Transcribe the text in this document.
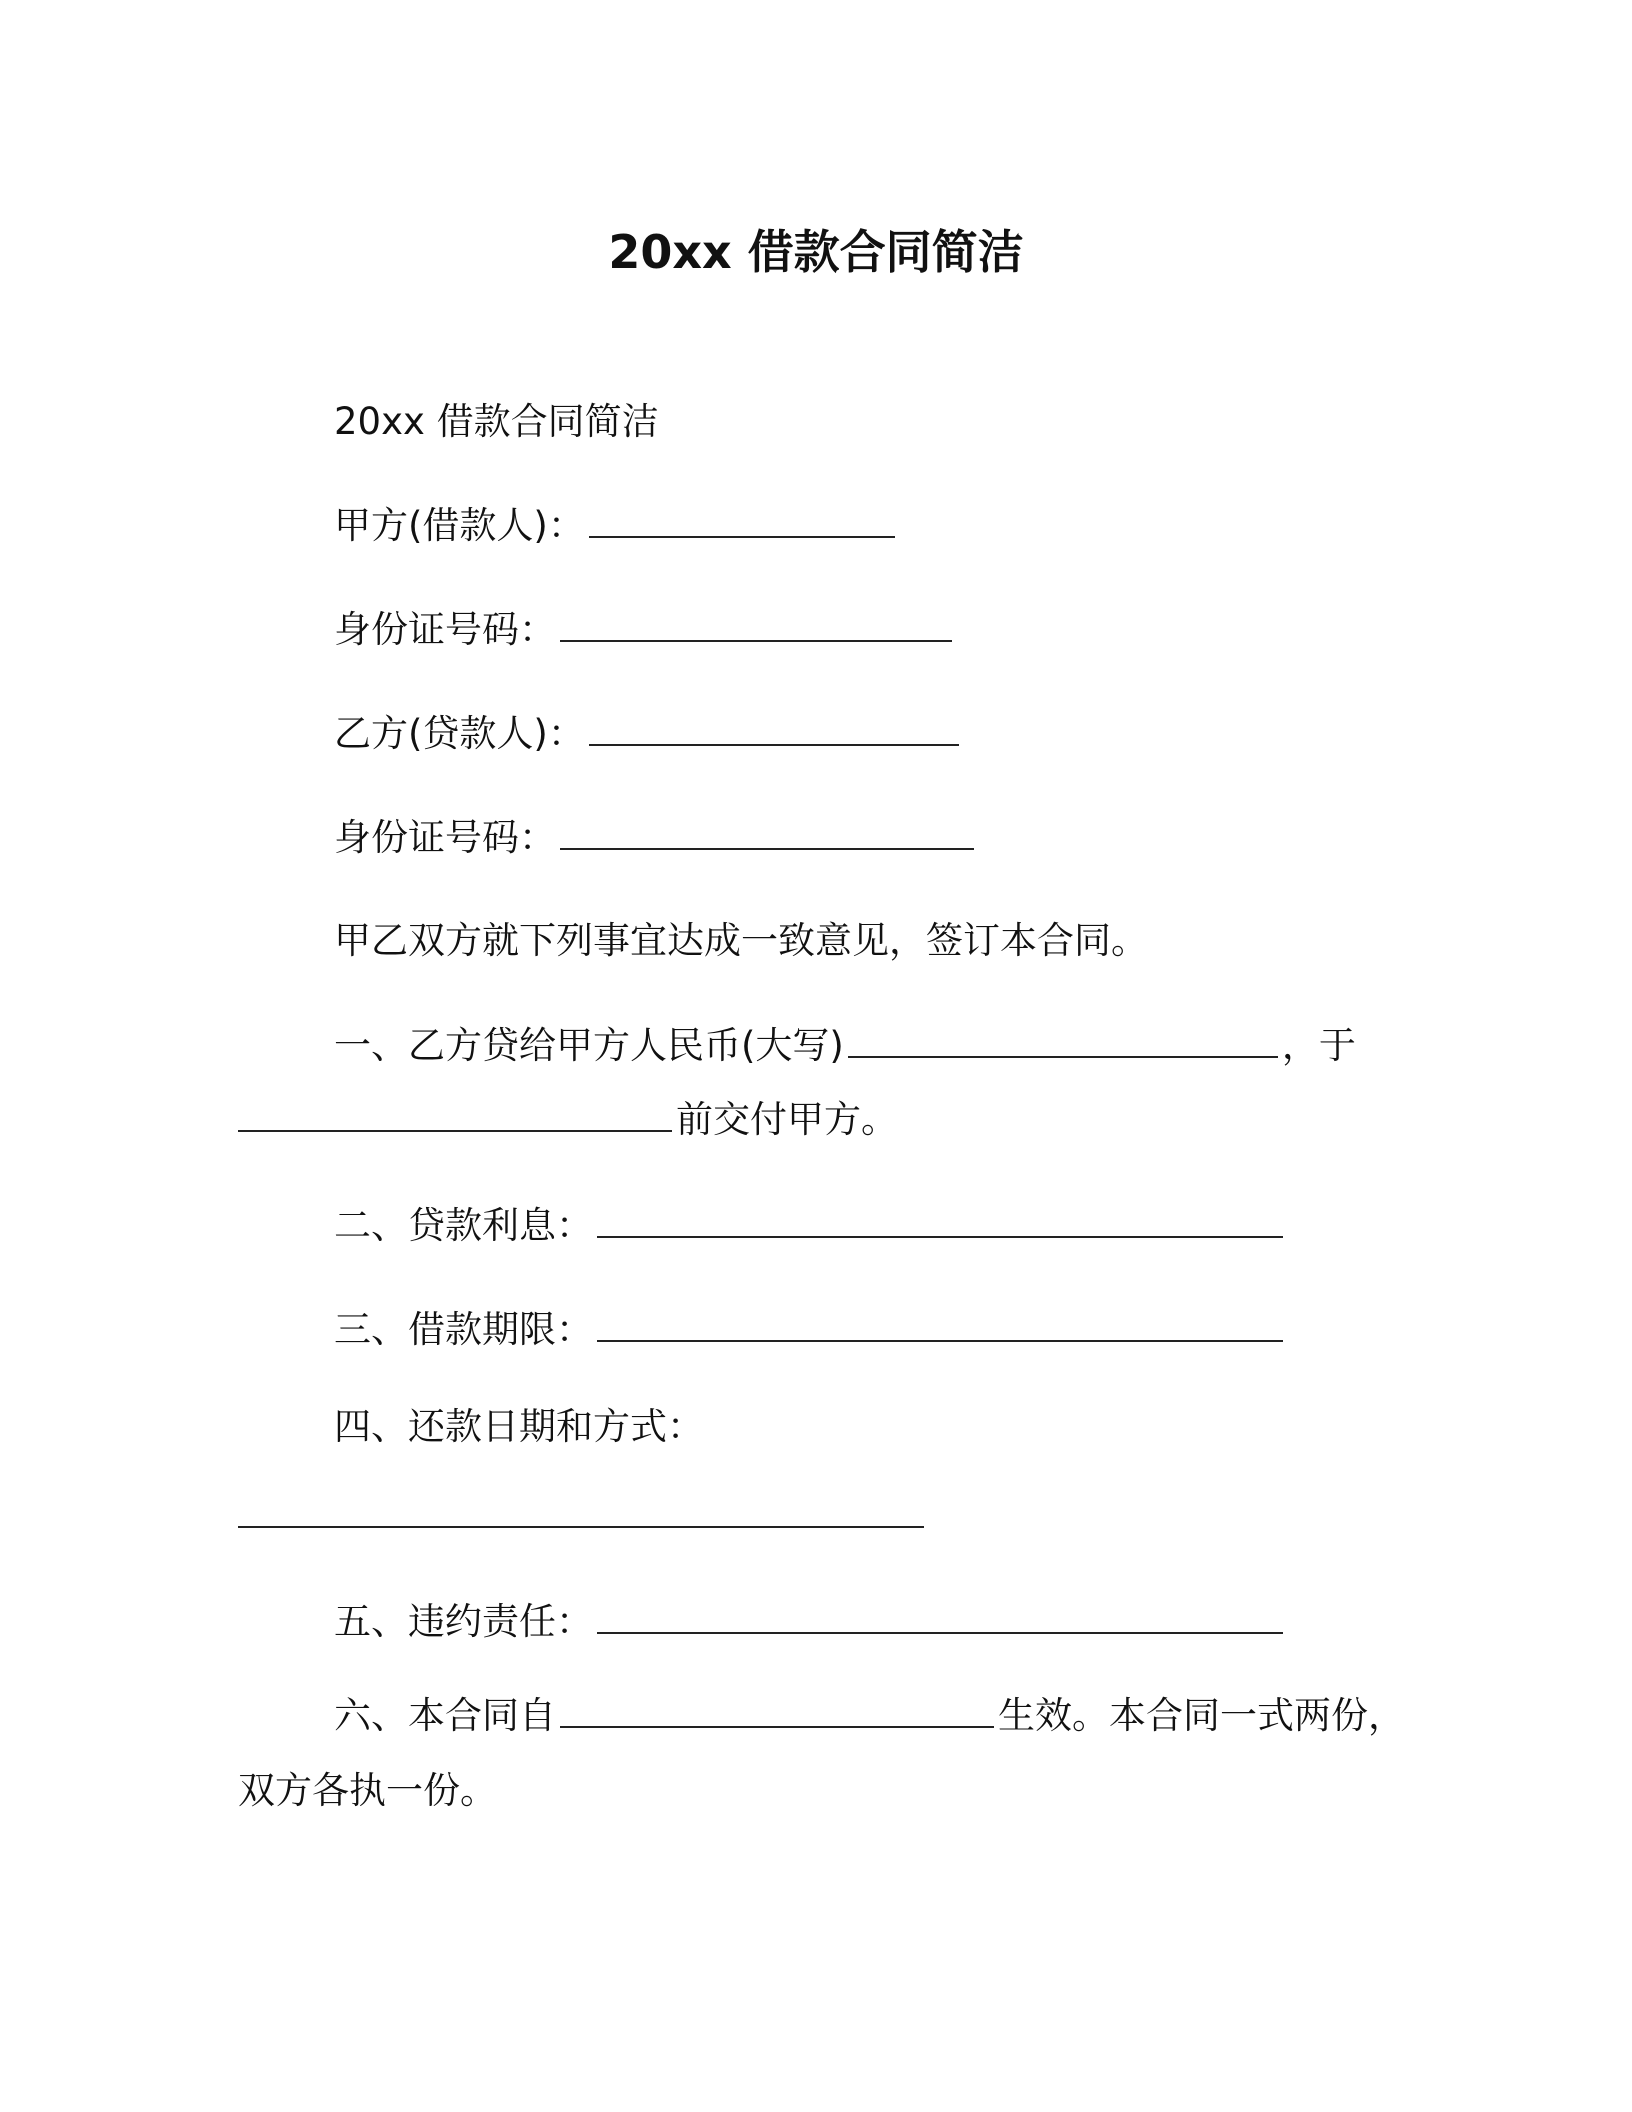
20xx 借款合同简洁
20xx 借款合同简洁
甲方(借款人)：
身份证号码：
乙方(贷款人)：
身份证号码：
甲乙双方就下列事宜达成一致意见，签订本合同。
一、乙方贷给甲方人民币(大写)	，于
前交付甲方。
二、贷款利息：
三、借款期限：
四、还款日期和方式：
五、违约责任：
六、本合同自	生效。本合同一式两份，
双方各执一份。
